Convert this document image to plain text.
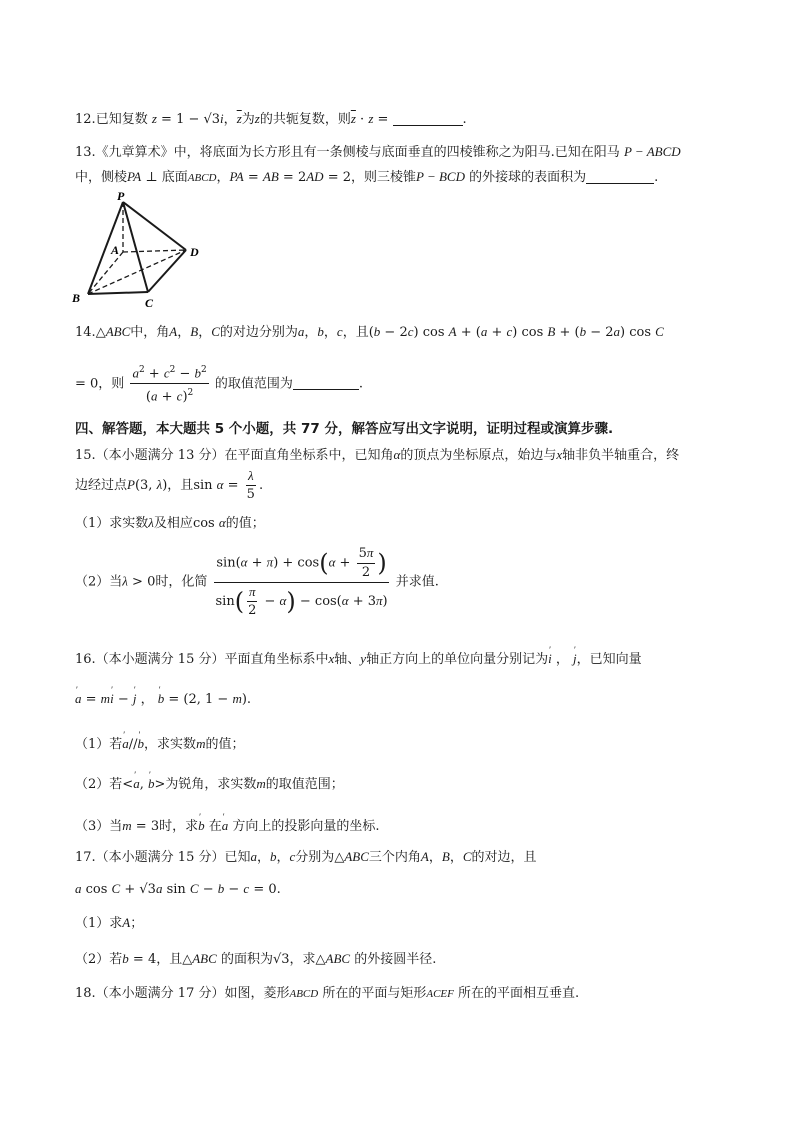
12.已知复数 z = 1 − √3i，$\overline{z}$为z的共轭复数，则$\overline{z} \cdot z$ =	.
13.《九章算术》中，将底面为长方形且有一条侧棱与底面垂直的四棱锥称之为阳马.已知在阳马 P − ABCD
中，侧棱PA ⊥ 底面ABCD，PA = AB = 2AD = 2，则三棱锥P − BCD 的外接球的表面积为	.
P
A	D
B	C
14.△ABC中，角A，B，C的对边分别为a，b，c，且(b − 2c) cos A + (a + c) cos B + (b − 2a) cos C
= 0，则 $\frac{a^2 + c^2 - b^2}{(a + c)^2}$ 的取值范围为	.
四、解答题，本大题共 5 个小题，共 77 分，解答应写出文字说明，证明过程或演算步骤.
15.（本小题满分 13 分）在平面直角坐标系中，已知角α的顶点为坐标原点，始边与x轴非负半轴重合，终
边经过点P(3, λ)，且$\sin \alpha = \frac{\lambda}{5}$ .
（1）求实数λ及相应cos α的值；
（2）当λ > 0时，化简 $\frac{\sin(\alpha + \pi) + \cos(\alpha + \frac{5\pi}{2} )}{\sin( \frac{\pi}{2} - \alpha) - \cos(\alpha + 3\pi)}$ 并求值.
16.（本小题满分 15 分）平面直角坐标系中x轴、y轴正方向上的单位向量分别记为′ i ， ′ j，已知向量
′ a = m′ i − ′ j ， ′ b = (2, 1 − m).
（1）若′ a//′ b，求实数m的值；
（2）若<′ a, ′ b>为锐角，求实数m的取值范围；
（3）当m = 3时，求′ b 在′ a 方向上的投影向量的坐标.
17.（本小题满分 15 分）已知a，b，c分别为△ABC三个内角A，B，C的对边，且
a cos C + √3a sin C − b − c = 0.
（1）求A；
（2）若b = 4，且△ABC 的面积为√3，求△ABC 的外接圆半径.
18.（本小题满分 17 分）如图，菱形ABCD 所在的平面与矩形ACEF 所在的平面相互垂直.
